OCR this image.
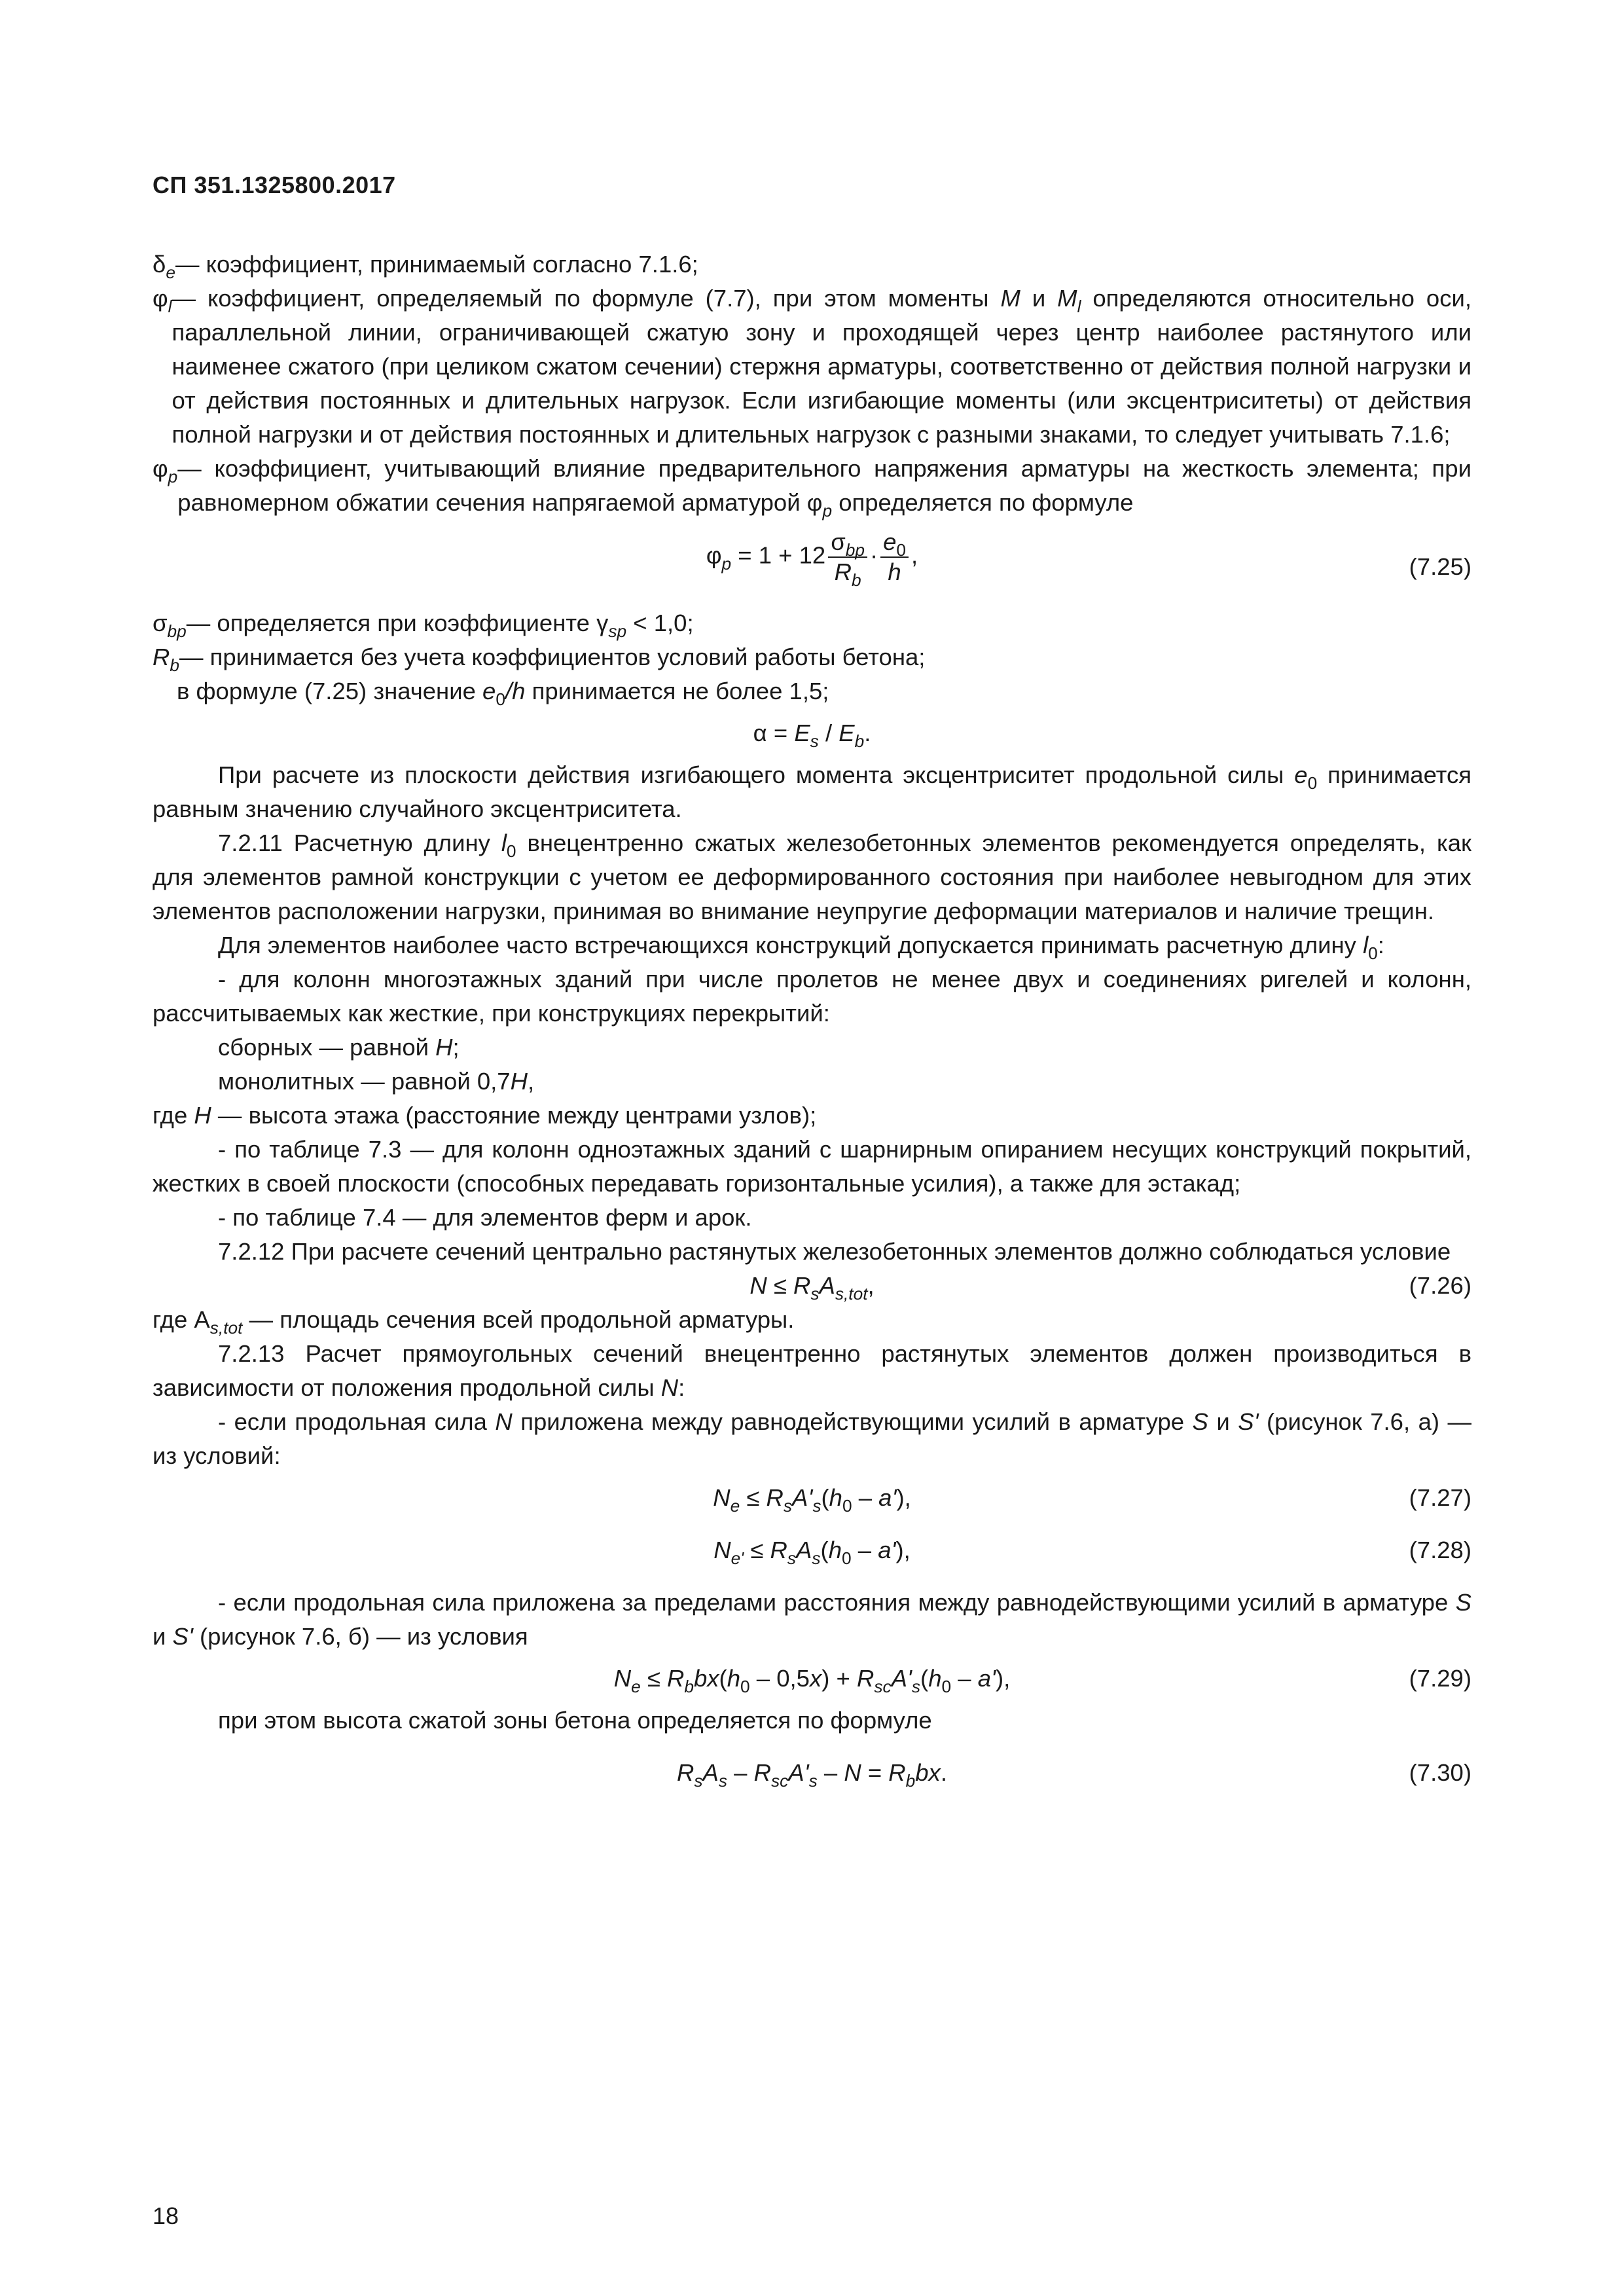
СП 351.1325800.2017
$\delta_e$ — коэффициент, принимаемый согласно 7.1.6;
$\varphi_l$ — коэффициент, определяемый по формуле (7.7), при этом моменты M и $M_l$ определяются относительно оси, параллельной линии, ограничивающей сжатую зону и проходящей через центр наиболее растянутого или наименее сжатого (при целиком сжатом сечении) стержня арматуры, соответственно от действия полной нагрузки и от действия постоянных и длительных нагрузок. Если изгибающие моменты (или эксцентриситеты) от действия полной нагрузки и от действия постоянных и длительных нагрузок с разными знаками, то следует учитывать 7.1.6;
$\varphi_p$ — коэффициент, учитывающий влияние предварительного напряжения арматуры на жесткость элемента; при равномерном обжатии сечения напрягаемой арматурой $\varphi_p$ определяется по формуле
$\varphi_p = 1 + 12 \frac{\sigma_{bp}}{R_b} \cdot \frac{e_0}{h}$ ,	(7.25)
$\sigma_{bp}$ — определяется при коэффициенте $\gamma_{sp} < 1,0$;
$R_b$ — принимается без учета коэффициентов условий работы бетона;
в формуле (7.25) значение $e_0/h$ принимается не более 1,5;
$\alpha = E_s / E_b$.

При расчете из плоскости действия изгибающего момента эксцентриситет продольной силы $e_0$ принимается равным значению случайного эксцентриситета.

7.2.11 Расчетную длину $l_0$ внецентренно сжатых железобетонных элементов рекомендуется определять, как для элементов рамной конструкции с учетом ее деформированного состояния при наиболее невыгодном для этих элементов расположении нагрузки, принимая во внимание неупругие деформации материалов и наличие трещин.

Для элементов наиболее часто встречающихся конструкций допускается принимать расчетную длину $l_0$:

- для колонн многоэтажных зданий при числе пролетов не менее двух и соединениях ригелей и колонн, рассчитываемых как жесткие, при конструкциях перекрытий:

сборных — равной H;

монолитных — равной 0,7H,

где H — высота этажа (расстояние между центрами узлов);

- по таблице 7.3 — для колонн одноэтажных зданий с шарнирным опиранием несущих конструкций покрытий, жестких в своей плоскости (способных передавать горизонтальные усилия), а также для эстакад;

- по таблице 7.4 — для элементов ферм и арок.

7.2.12 При расчете сечений центрально растянутых железобетонных элементов должно соблюдаться условие

$N \le R_sA_{s,tot}$,	(7.26)

где $A_{s,tot}$ — площадь сечения всей продольной арматуры.

7.2.13 Расчет прямоугольных сечений внецентренно растянутых элементов должен производиться в зависимости от положения продольной силы N:

- если продольная сила N приложена между равнодействующими усилий в арматуре S и S' (рисунок 7.6, а) — из условий:

$N_e \le R_sA'_s(h_0 - a')$,	(7.27)
$N_{e'} \le R_sA_s(h_0 - a')$,	(7.28)

- если продольная сила приложена за пределами расстояния между равнодействующими усилий в арматуре S и S' (рисунок 7.6, б) — из условия

$N_e \le R_bbx(h_0 - 0,5x) + R_{sc}A'_s(h_0 - a')$,	(7.29)

при этом высота сжатой зоны бетона определяется по формуле

$R_sA_s - R_{sc}A'_s - N = R_bbx$.	(7.30)
18
